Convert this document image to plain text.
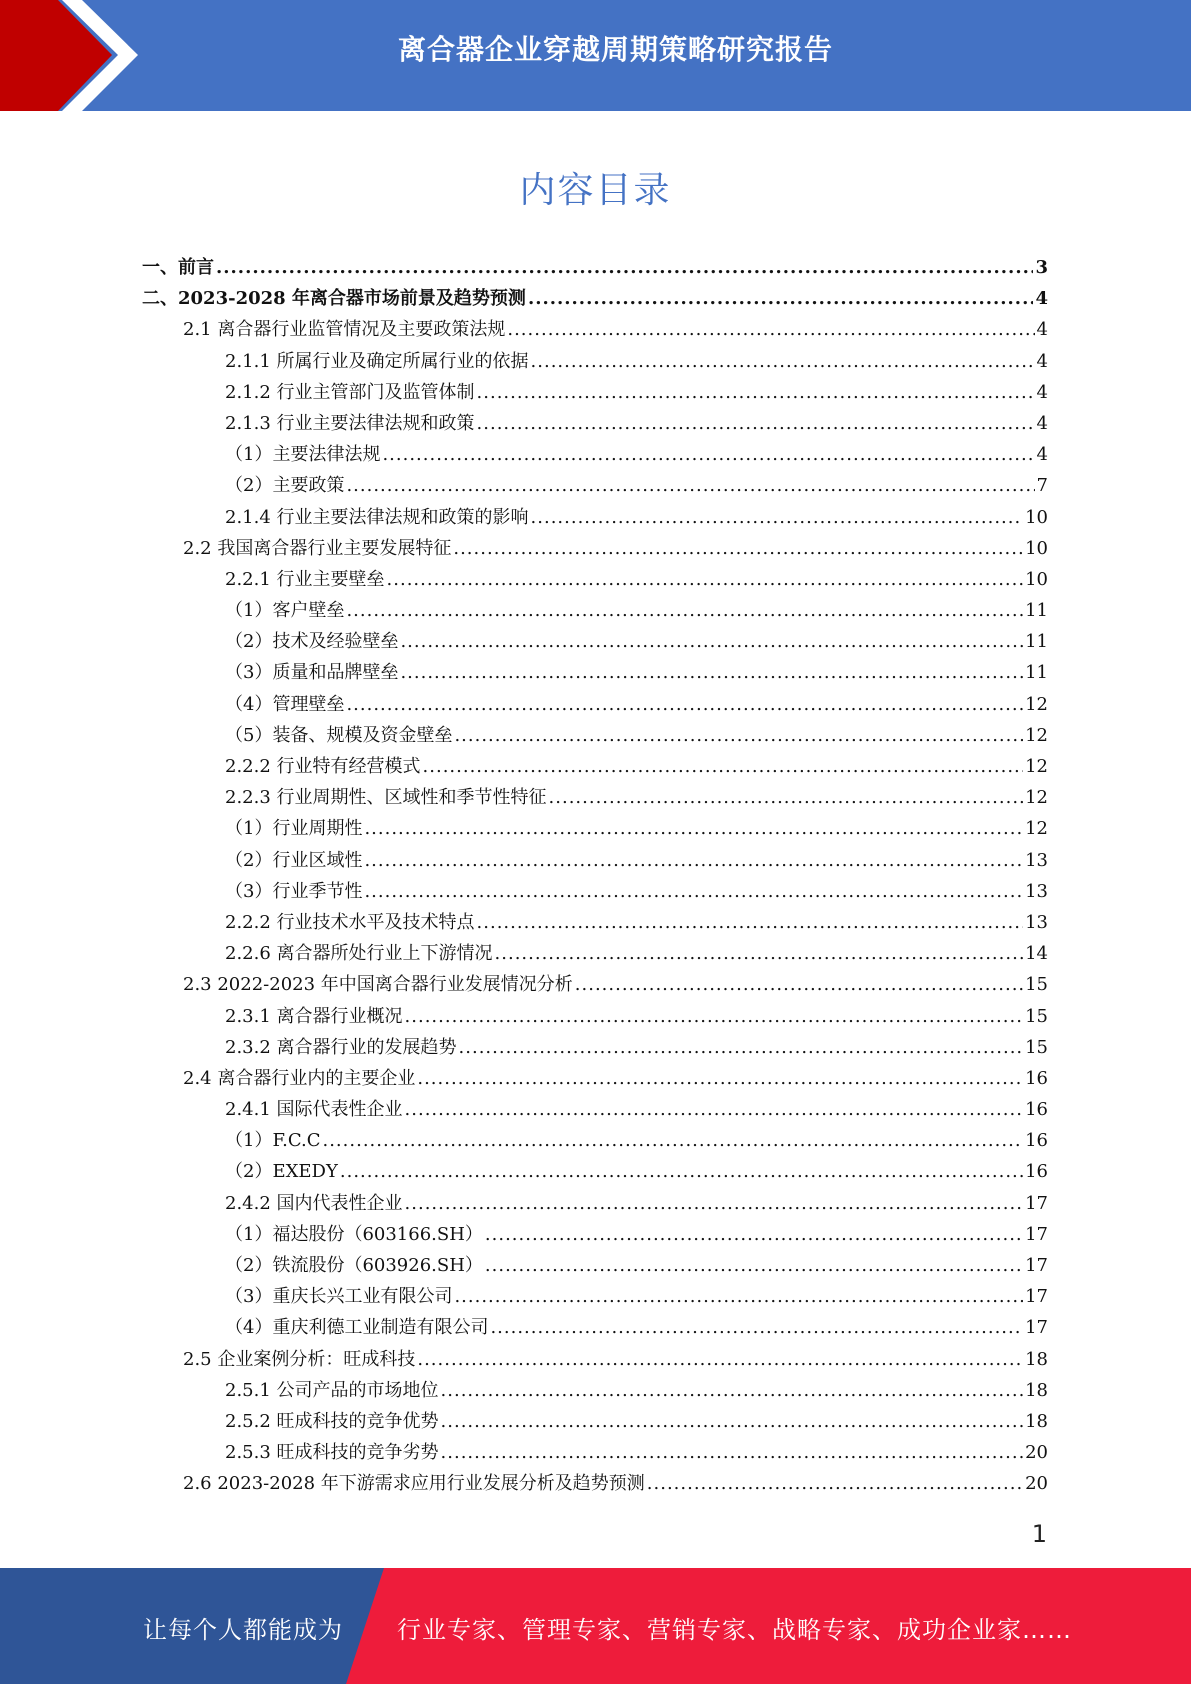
离合器企业穿越周期策略研究报告
内容目录
一、前言 .....	3
二、2023-2028 年离合器市场前景及趋势预测 .....	4
2.1 离合器行业监管情况及主要政策法规 .....	4
2.1.1 所属行业及确定所属行业的依据 .....	4
2.1.2 行业主管部门及监管体制 .....	4
2.1.3 行业主要法律法规和政策 .....	4
（1）主要法律法规 .....	4
（2）主要政策 .....	7
2.1.4 行业主要法律法规和政策的影响 .....	10
2.2 我国离合器行业主要发展特征 .....	10
2.2.1 行业主要壁垒 .....	10
（1）客户壁垒 .....	11
（2）技术及经验壁垒 .....	11
（3）质量和品牌壁垒 .....	11
（4）管理壁垒 .....	12
（5）装备、规模及资金壁垒 .....	12
2.2.2 行业特有经营模式 .....	12
2.2.3 行业周期性、区域性和季节性特征 .....	12
（1）行业周期性 .....	12
（2）行业区域性 .....	13
（3）行业季节性 .....	13
2.2.2 行业技术水平及技术特点 .....	13
2.2.6 离合器所处行业上下游情况 .....	14
2.3 2022-2023 年中国离合器行业发展情况分析 .....	15
2.3.1 离合器行业概况 .....	15
2.3.2 离合器行业的发展趋势 .....	15
2.4 离合器行业内的主要企业 .....	16
2.4.1 国际代表性企业 .....	16
（1）F.C.C .....	16
（2）EXEDY .....	16
2.4.2 国内代表性企业 .....	17
（1）福达股份（603166.SH） .....	17
（2）铁流股份（603926.SH） .....	17
（3）重庆长兴工业有限公司 .....	17
（4）重庆利德工业制造有限公司 .....	17
2.5 企业案例分析：旺成科技 .....	18
2.5.1 公司产品的市场地位 .....	18
2.5.2 旺成科技的竞争优势 .....	18
2.5.3 旺成科技的竞争劣势 .....	20
2.6 2023-2028 年下游需求应用行业发展分析及趋势预测 .....	20
1
让每个人都能成为 行业专家、管理专家、营销专家、战略专家、成功企业家……
